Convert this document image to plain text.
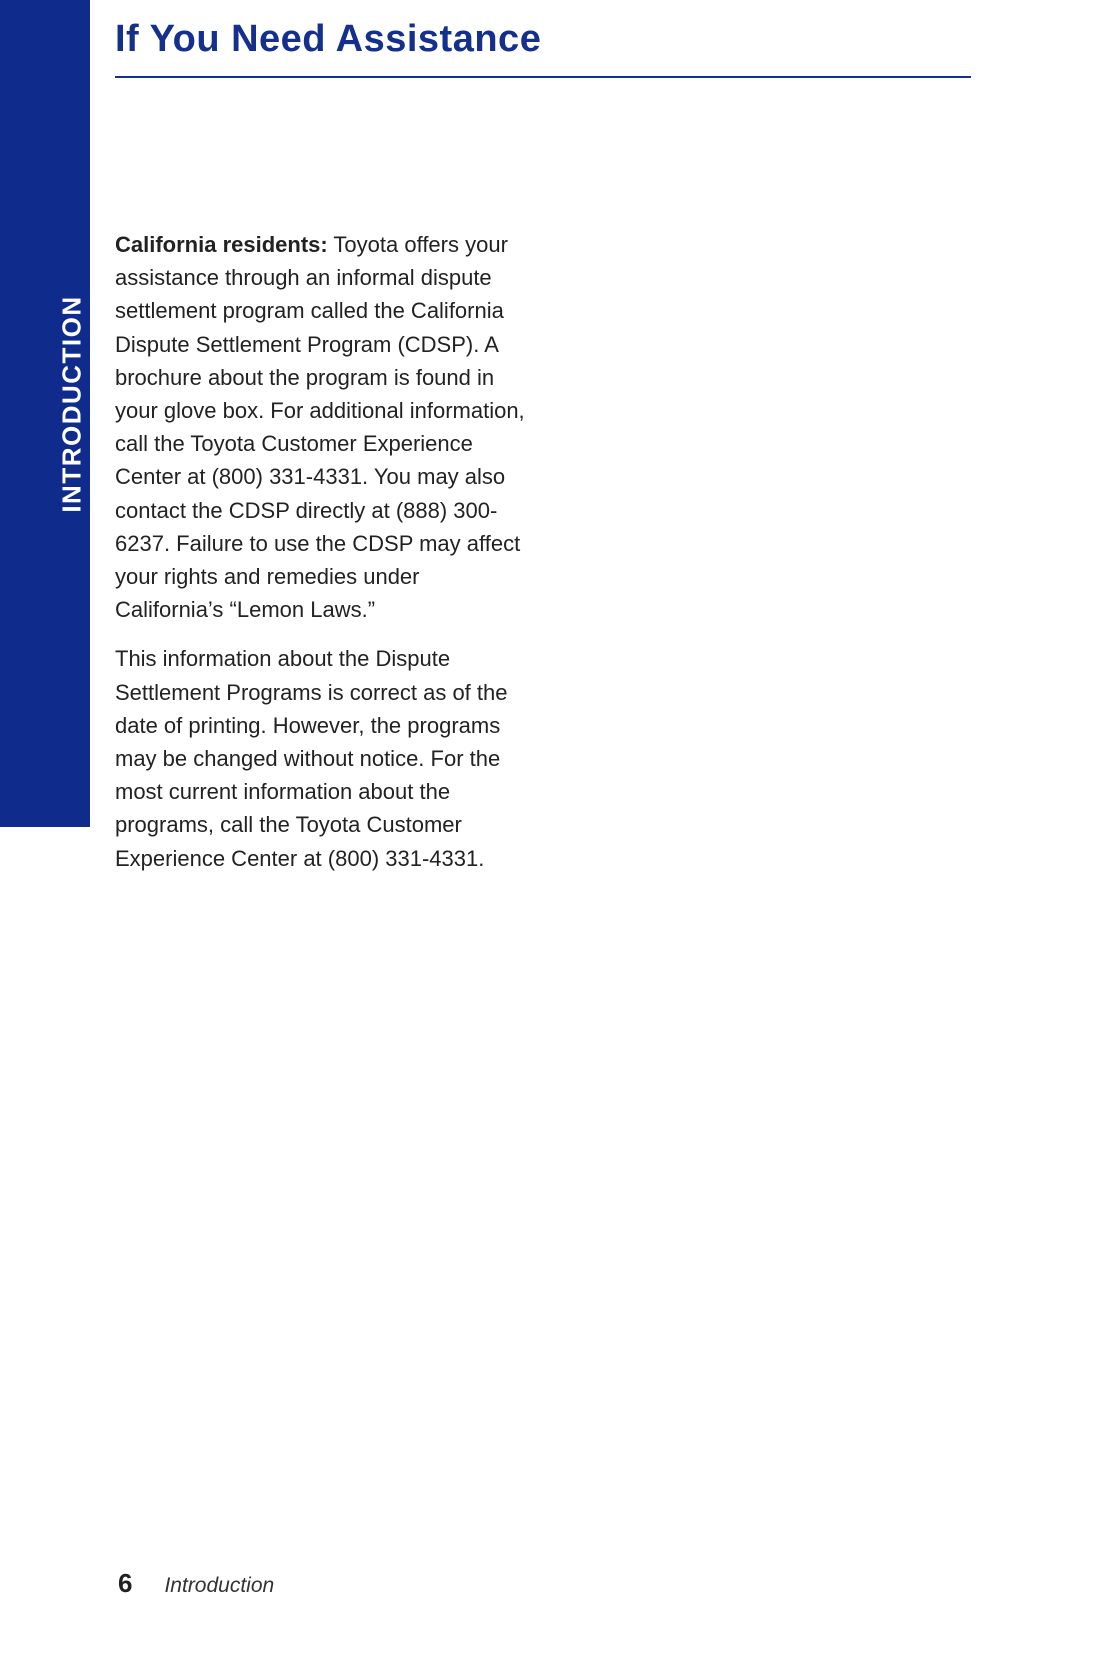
INTRODUCTION
If You Need Assistance

California residents: Toyota offers your assistance through an informal dispute settlement program called the California Dispute Settlement Program (CDSP). A brochure about the program is found in your glove box. For additional information, call the Toyota Customer Experience Center at (800) 331-4331. You may also contact the CDSP directly at (888) 300-6237. Failure to use the CDSP may affect your rights and remedies under California’s “Lemon Laws.”

This information about the Dispute Settlement Programs is correct as of the date of printing. However, the programs may be changed without notice. For the most current information about the programs, call the Toyota Customer Experience Center at (800) 331-4331.

6 Introduction
